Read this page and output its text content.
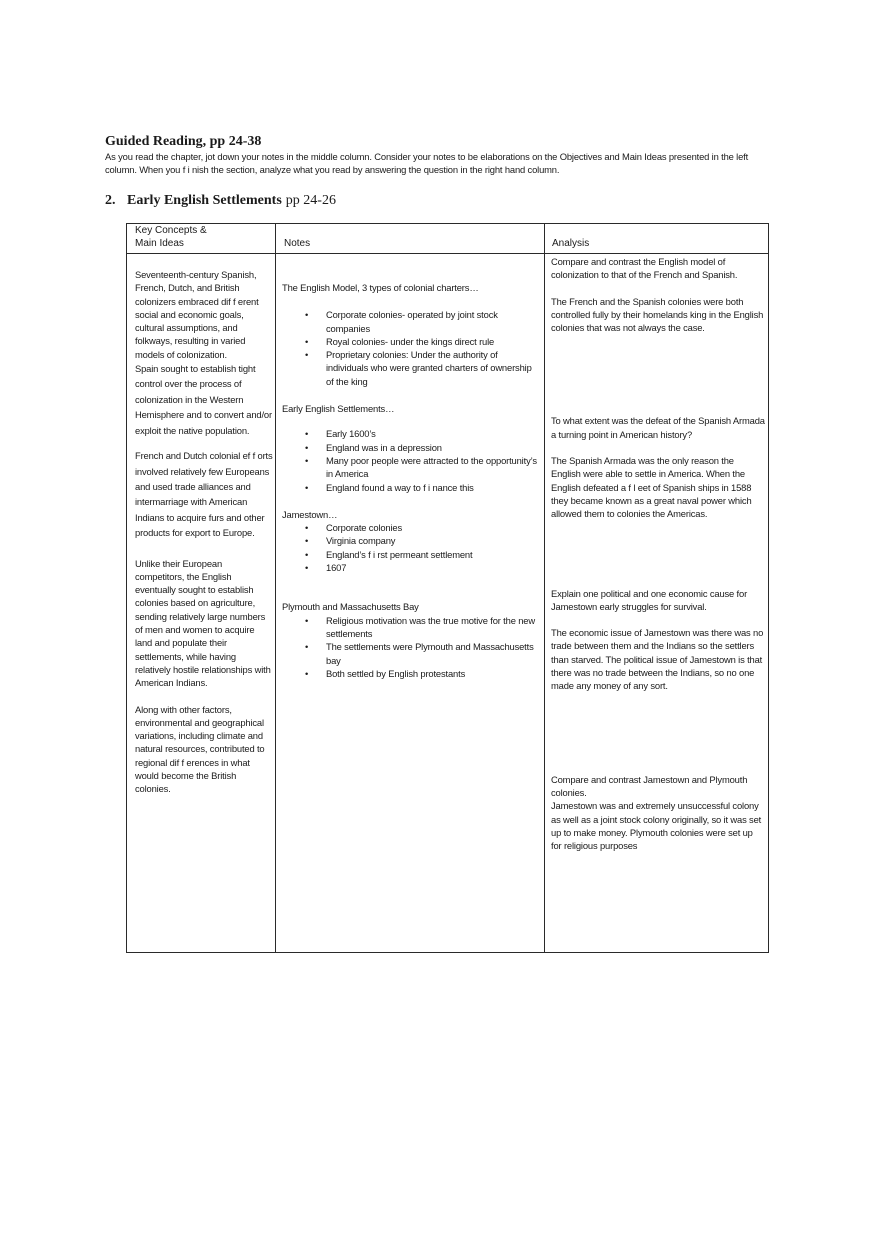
Guided Reading, pp 24-38

As you read the chapter, jot down your notes in the middle column. Consider your notes to be elaborations on the Objectives and Main Ideas presented in the left column. When you f i nish the section, analyze what you read by answering the question in the right hand column.

2. Early English Settlements pp 24-26
Key Concepts &
Main Ideas	Notes	Analysis

Seventeenth-century Spanish, French, Dutch, and British colonizers embraced dif f erent social and economic goals, cultural assumptions, and folkways, resulting in varied models of colonization.

Spain sought to establish tight control over the process of colonization in the Western Hemisphere and to convert and/or exploit the native population.

French and Dutch colonial ef f orts involved relatively few Europeans and used trade alliances and intermarriage with American Indians to acquire furs and other products for export to Europe.

Unlike their European competitors, the English eventually sought to establish colonies based on agriculture, sending relatively large numbers of men and women to acquire land and populate their settlements, while having relatively hostile relationships with American Indians.

Along with other factors, environmental and geographical variations, including climate and natural resources, contributed to regional dif f erences in what would become the British colonies.

The English Model, 3 types of colonial charters…
• Corporate colonies- operated by joint stock companies
• Royal colonies- under the kings direct rule
• Proprietary colonies: Under the authority of individuals who were granted charters of ownership of the king
Early English Settlements…
• Early 1600’s
• England was in a depression
• Many poor people were attracted to the opportunity’s in America
• England found a way to f i nance this
Jamestown…
• Corporate colonies
• Virginia company
• England’s f i rst permeant settlement
• 1607
Plymouth and Massachusetts Bay
• Religious motivation was the true motive for the new settlements
• The settlements were Plymouth and Massachusetts bay
• Both settled by English protestants

Compare and contrast the English model of colonization to that of the French and Spanish.

The French and the Spanish colonies were both controlled fully by their homelands king in the English colonies that was not always the case.

To what extent was the defeat of the Spanish Armada a turning point in American history?

The Spanish Armada was the only reason the English were able to settle in America. When the English defeated a f l eet of Spanish ships in 1588 they became known as a great naval power which allowed them to colonies the Americas.

Explain one political and one economic cause for Jamestown early struggles for survival.

The economic issue of Jamestown was there was no trade between them and the Indians so the settlers than starved. The political issue of Jamestown is that there was no trade between the Indians, so no one made any money of any sort.

Compare and contrast Jamestown and Plymouth colonies.

Jamestown was and extremely unsuccessful colony as well as a joint stock colony originally, so it was set up to make money. Plymouth colonies were set up for religious purposes
